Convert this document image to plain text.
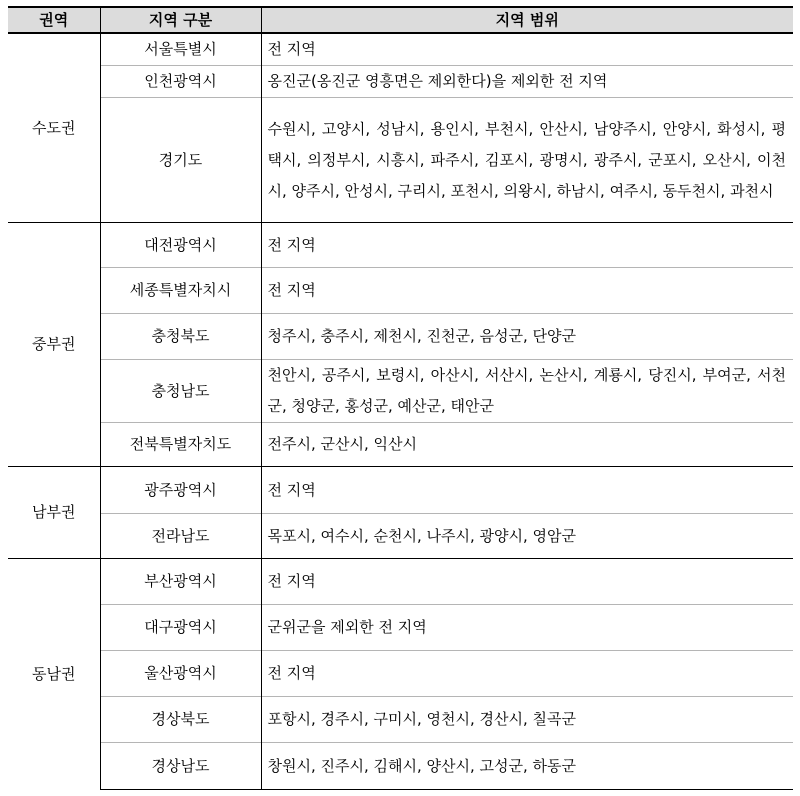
권역	지역 구분	지역 범위
수도권	서울특별시	전 지역
	인천광역시	옹진군(옹진군 영흥면은 제외한다)을 제외한 전 지역
	경기도	수원시, 고양시, 성남시, 용인시, 부천시, 안산시, 남양주시, 안양시, 화성시, 평택시, 의정부시, 시흥시, 파주시, 김포시, 광명시, 광주시, 군포시, 오산시, 이천시, 양주시, 안성시, 구리시, 포천시, 의왕시, 하남시, 여주시, 동두천시, 과천시
중부권	대전광역시	전 지역
	세종특별자치시	전 지역
	충청북도	청주시, 충주시, 제천시, 진천군, 음성군, 단양군
	충청남도	천안시, 공주시, 보령시, 아산시, 서산시, 논산시, 계룡시, 당진시, 부여군, 서천군, 청양군, 홍성군, 예산군, 태안군
	전북특별자치도	전주시, 군산시, 익산시
남부권	광주광역시	전 지역
	전라남도	목포시, 여수시, 순천시, 나주시, 광양시, 영암군
동남권	부산광역시	전 지역
	대구광역시	군위군을 제외한 전 지역
	울산광역시	전 지역
	경상북도	포항시, 경주시, 구미시, 영천시, 경산시, 칠곡군
	경상남도	창원시, 진주시, 김해시, 양산시, 고성군, 하동군
